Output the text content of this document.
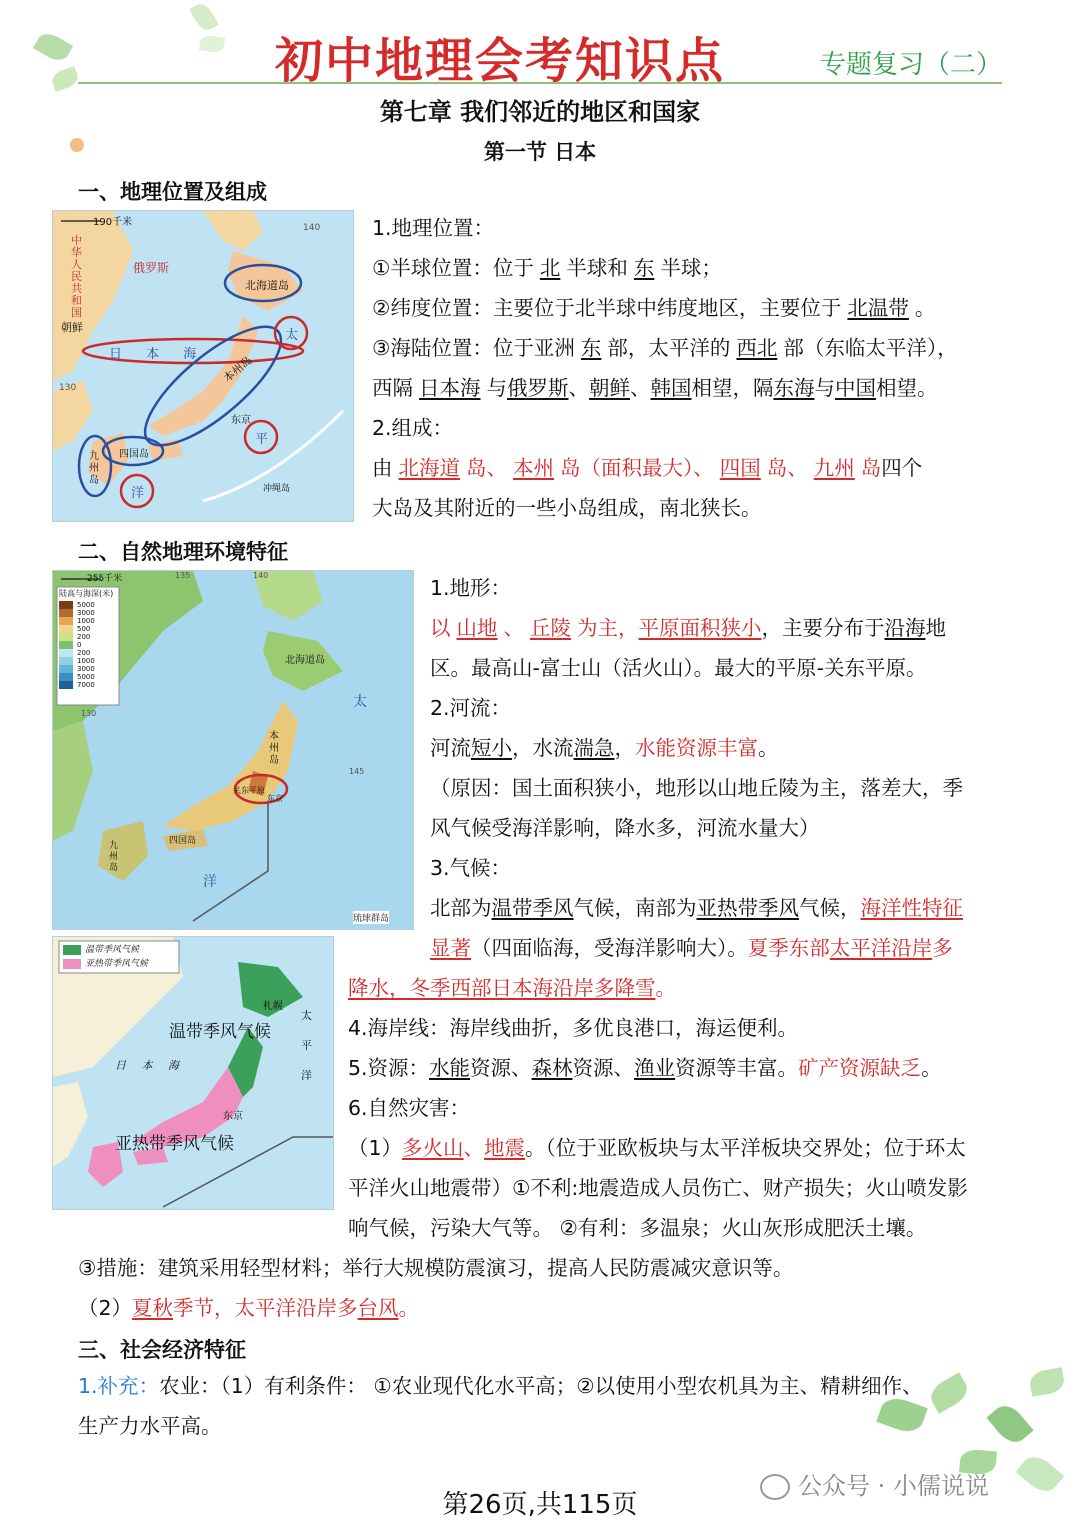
初中地理会考知识点	专题复习（二）
第七章 我们邻近的地区和国家
第一节 日本
一、地理位置及组成
190千米
中华人民共和国
俄罗斯
朝鲜
日 本 海
北海道岛
本州岛
四国岛
九州岛
东京
太
平
洋	冲绳岛
130
140	1.地理位置：
①半球位置：位于 北 半球和 东 半球；
②纬度位置：主要位于北半球中纬度地区，主要位于 北温带 。
③海陆位置：位于亚洲 东 部，太平洋的 西北 部（东临太平洋），
西隔 日本海 与俄罗斯、朝鲜、韩国相望，隔东海与中国相望。
2.组成：
由 北海道 岛、 本州 岛（面积最大）、 四国 岛、 九州 岛四个
大岛及其附近的一些小岛组成，南北狭长。
二、自然地理环境特征
255千米
陆高与海深(米)
5000
3000
1000
500
200
0
200
1000
3000
5000
7000
北海道岛
本州岛
关东平原
东京
四国岛
九州岛
琉球群岛
太
洋
140
135
145
130
温带季风气候
亚热带季风气候
温带季风气候
亚热带季风气候
札幌
东京
日 本 海
太
平
洋
1.地形：
以 山地 、 丘陵 为主，平原面积狭小，主要分布于沿海地
区。最高山-富士山（活火山）。最大的平原-关东平原。
2.河流：
河流短小，水流湍急，水能资源丰富。
（原因：国土面积狭小，地形以山地丘陵为主，落差大，季
风气候受海洋影响，降水多，河流水量大）
3.气候：
北部为温带季风气候，南部为亚热带季风气候，海洋性特征
显著（四面临海，受海洋影响大）。夏季东部太平洋沿岸多
降水，冬季西部日本海沿岸多降雪。
4.海岸线：海岸线曲折，多优良港口，海运便利。
5.资源：水能资源、森林资源、渔业资源等丰富。矿产资源缺乏。
6.自然灾害：
（1）多火山、地震。（位于亚欧板块与太平洋板块交界处；位于环太
平洋火山地震带）①不利:地震造成人员伤亡、财产损失；火山喷发影
响气候，污染大气等。 ②有利：多温泉；火山灰形成肥沃土壤。
③措施：建筑采用轻型材料；举行大规模防震演习，提高人民防震减灾意识等。
（2）夏秋季节，太平洋沿岸多台风。
三、社会经济特征
1.补充：农业：（1）有利条件： ①农业现代化水平高；②以使用小型农机具为主、精耕细作、
生产力水平高。
第26页,共115页
公众号 · 小儒说说
